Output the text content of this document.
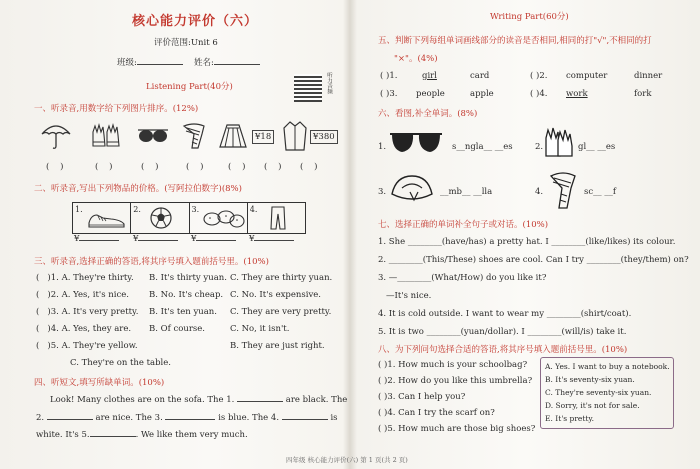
核心能力评价（六）
评价范围:Unit 6
班级:	姓名:
听力音频
Listening Part(40分)
一、听录音,用数字给下列图片排序。(12%)
¥18	¥380
( )	( )	( )	( )	( ) ( ) ( )
二、听录音,写出下列物品的价格。(写阿拉伯数字)(8%)
1.	2.	3.	4.
¥	¥	¥	¥
三、听录音,选择正确的答语,将其序号填入题前括号里。(10%)
(   )1. A. They're thirty. B. It's thirty yuan. C. They are thirty yuan.
(   )2. A. Yes, it's nice. B. No. It's cheap. C. No. It's expensive.
(   )3. A. It's very pretty. B. It's ten yuan. C. They are very pretty.
(   )4. A. Yes, they are. B. Of course.	C. No, it isn't.
(   )5. A. They're yellow.	B. They are just right.
C. They're on the table.
四、听短文,填写所缺单词。(10%)
Look! Many clothes are on the sofa. The 1.	are black. The
2.	are nice. The 3.	is blue. The 4.	is
white. It's 5.	. We like them very much.
Writing Part(60分)
五、判断下列每组单词画线部分的读音是否相同,相同的打"√",不相同的打
"×"。(4%)
( )1.	girl	card	( )2. computer	dinner
( )3. people	apple	( )4. work	fork
六、看图,补全单词。(8%)
1.	s__ngla__ __es	2.	gl__ __es
3.	__mb__ __lla	4.	sc__ __f
七、选择正确的单词补全句子或对话。(10%)
1. She ________(have/has) a pretty hat. I ________(like/likes) its colour.
2. ________(This/These) shoes are cool. Can I try ________(they/them) on?
3. —________(What/How) do you like it?
—It's nice.
4. It is cold outside. I want to wear my ________(shirt/coat).
5. It is two ________(yuan/dollar). I ________(will/is) take it.
八、为下列问句选择合适的答语,将其序号填入题前括号里。(10%)
( )1. How much is your schoolbag?
( )2. How do you like this umbrella?
( )3. Can I help you?
( )4. Can I try the scarf on?
( )5. How much are those big shoes?
A. Yes. I want to buy a notebook.
B. It's seventy-six yuan.
C. They're seventy-six yuan.
D. Sorry, it's not for sale.
E. It's pretty.
四年级 核心能力评价(六) 第 1 页(共 2 页)
